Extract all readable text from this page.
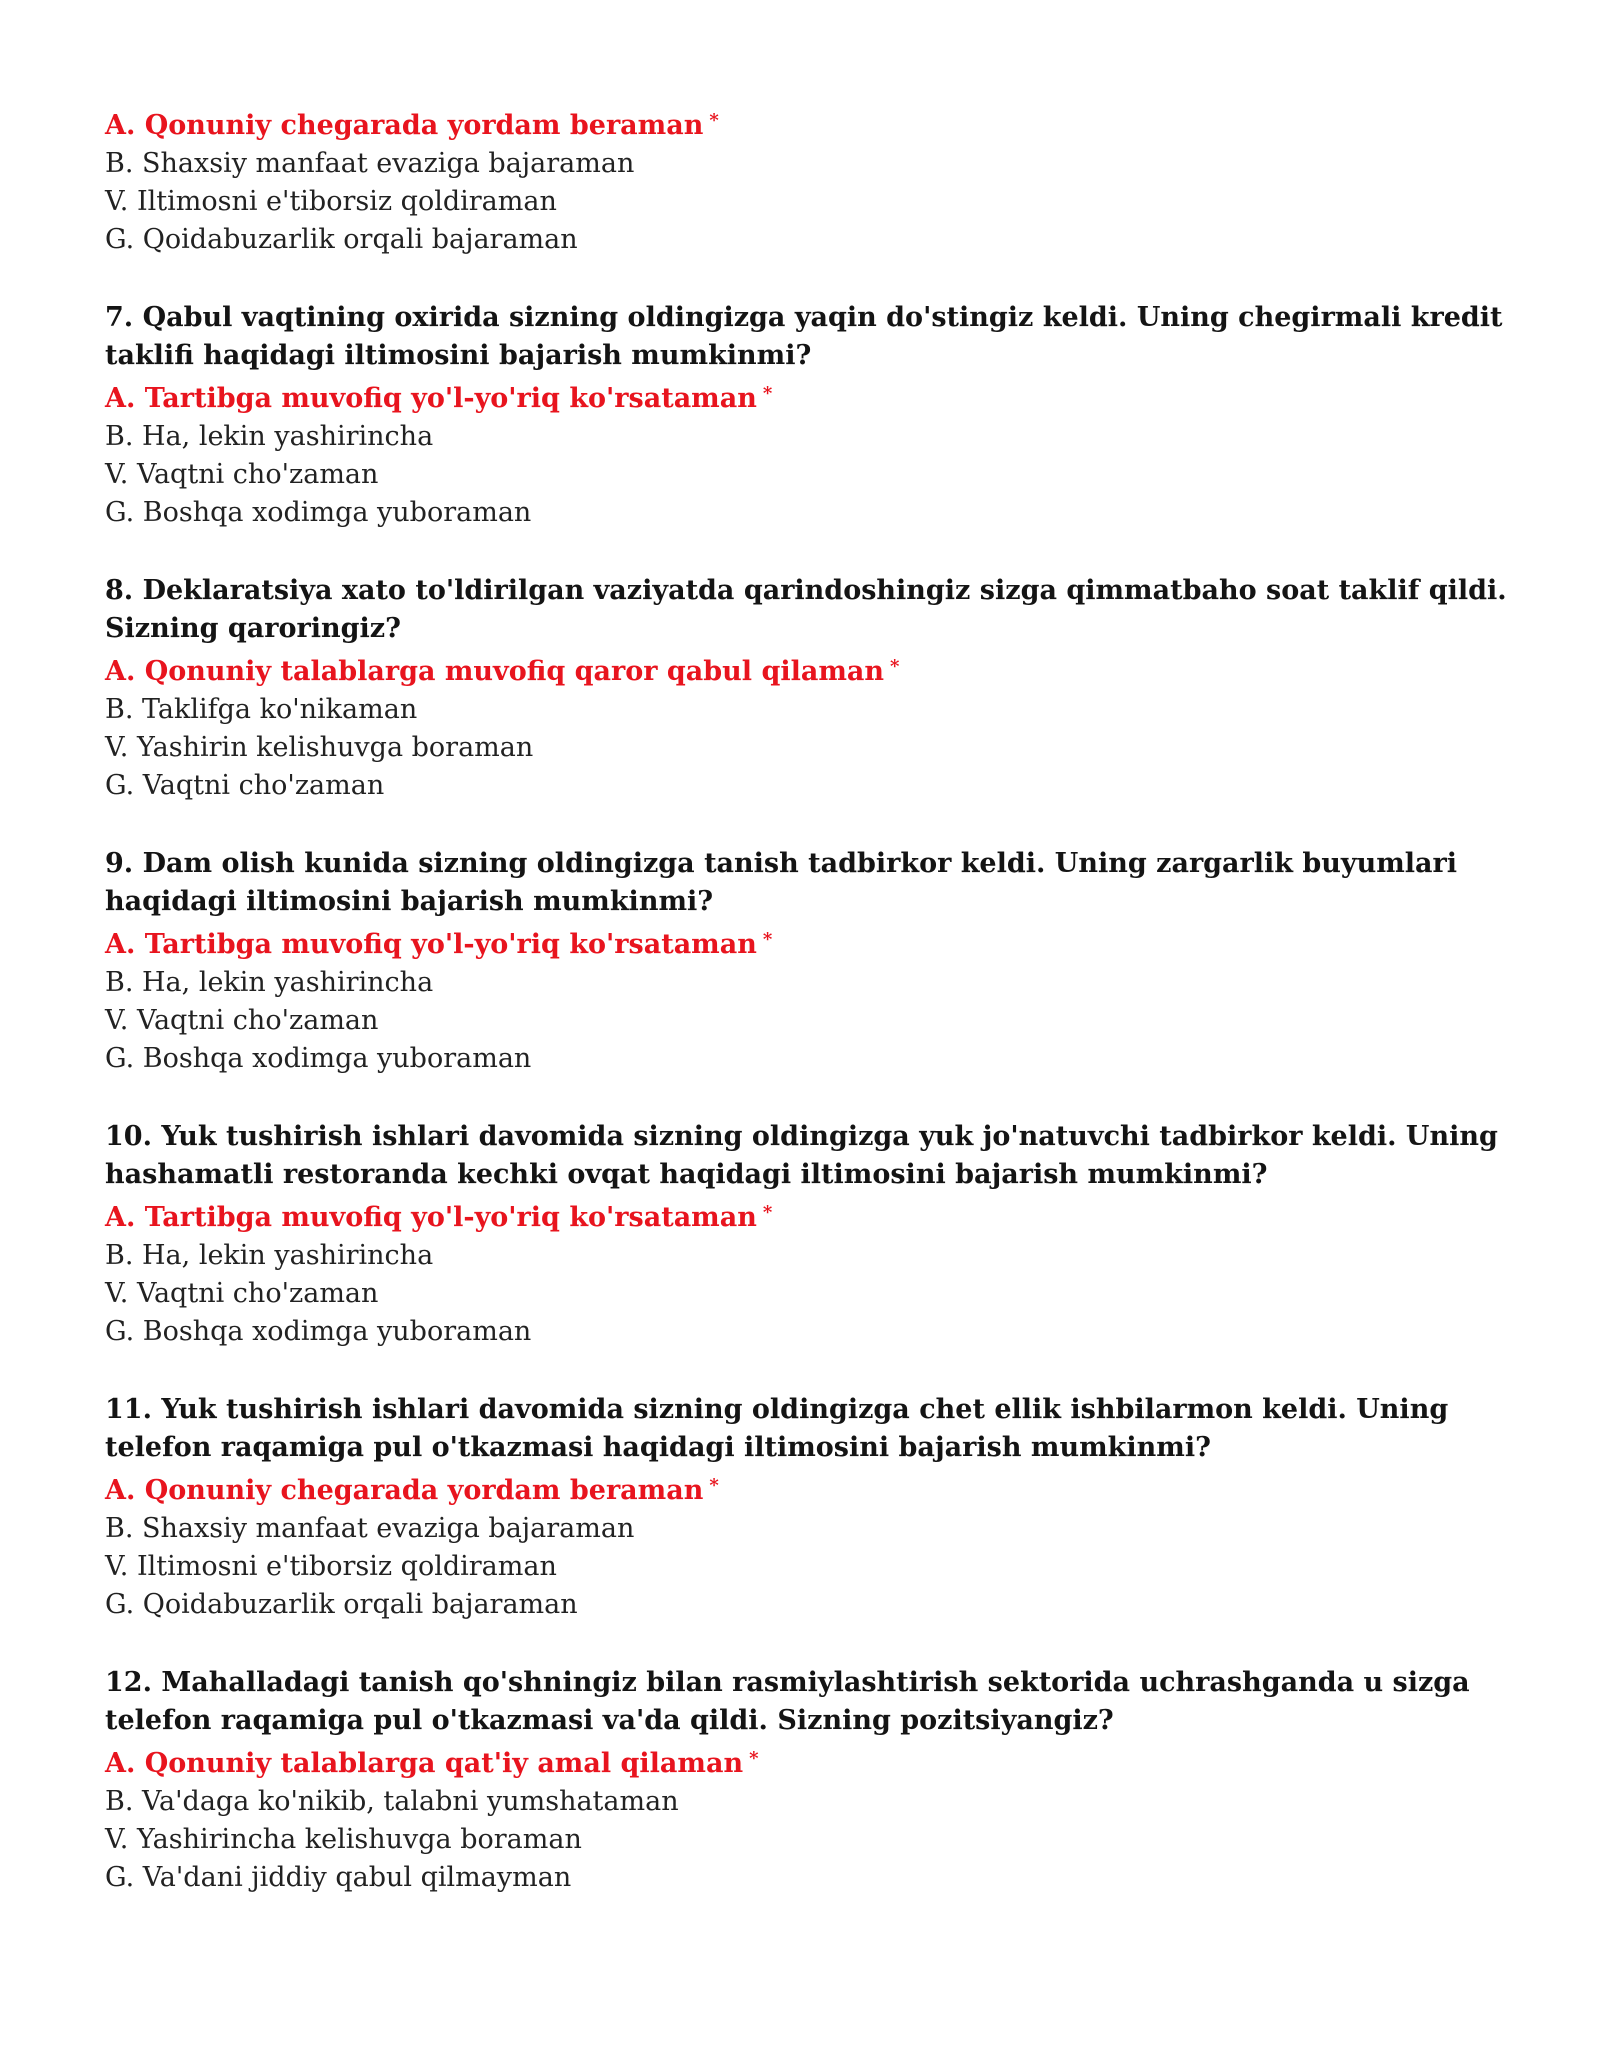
A. Qonuniy chegarada yordam beraman *

B. Shaxsiy manfaat evaziga bajaraman

V. Iltimosni e'tiborsiz qoldiraman

G. Qoidabuzarlik orqali bajaraman

7. Qabul vaqtining oxirida sizning oldingizga yaqin do'stingiz keldi. Uning chegirmali kredit taklifi haqidagi iltimosini bajarish mumkinmi?

A. Tartibga muvofiq yo'l-yo'riq ko'rsataman *

B. Ha, lekin yashirincha

V. Vaqtni cho'zaman

G. Boshqa xodimga yuboraman

8. Deklaratsiya xato to'ldirilgan vaziyatda qarindoshingiz sizga qimmatbaho soat taklif qildi. Sizning qaroringiz?

A. Qonuniy talablarga muvofiq qaror qabul qilaman *

B. Taklifga ko'nikaman

V. Yashirin kelishuvga boraman

G. Vaqtni cho'zaman

9. Dam olish kunida sizning oldingizga tanish tadbirkor keldi. Uning zargarlik buyumlari haqidagi iltimosini bajarish mumkinmi?

A. Tartibga muvofiq yo'l-yo'riq ko'rsataman *

B. Ha, lekin yashirincha

V. Vaqtni cho'zaman

G. Boshqa xodimga yuboraman

10. Yuk tushirish ishlari davomida sizning oldingizga yuk jo'natuvchi tadbirkor keldi. Uning hashamatli restoranda kechki ovqat haqidagi iltimosini bajarish mumkinmi?

A. Tartibga muvofiq yo'l-yo'riq ko'rsataman *

B. Ha, lekin yashirincha

V. Vaqtni cho'zaman

G. Boshqa xodimga yuboraman

11. Yuk tushirish ishlari davomida sizning oldingizga chet ellik ishbilarmon keldi. Uning telefon raqamiga pul o'tkazmasi haqidagi iltimosini bajarish mumkinmi?

A. Qonuniy chegarada yordam beraman *

B. Shaxsiy manfaat evaziga bajaraman

V. Iltimosni e'tiborsiz qoldiraman

G. Qoidabuzarlik orqali bajaraman

12. Mahalladagi tanish qo'shningiz bilan rasmiylashtirish sektorida uchrashganda u sizga telefon raqamiga pul o'tkazmasi va'da qildi. Sizning pozitsiyangiz?

A. Qonuniy talablarga qat'iy amal qilaman *

B. Va'daga ko'nikib, talabni yumshataman

V. Yashirincha kelishuvga boraman

G. Va'dani jiddiy qabul qilmayman
